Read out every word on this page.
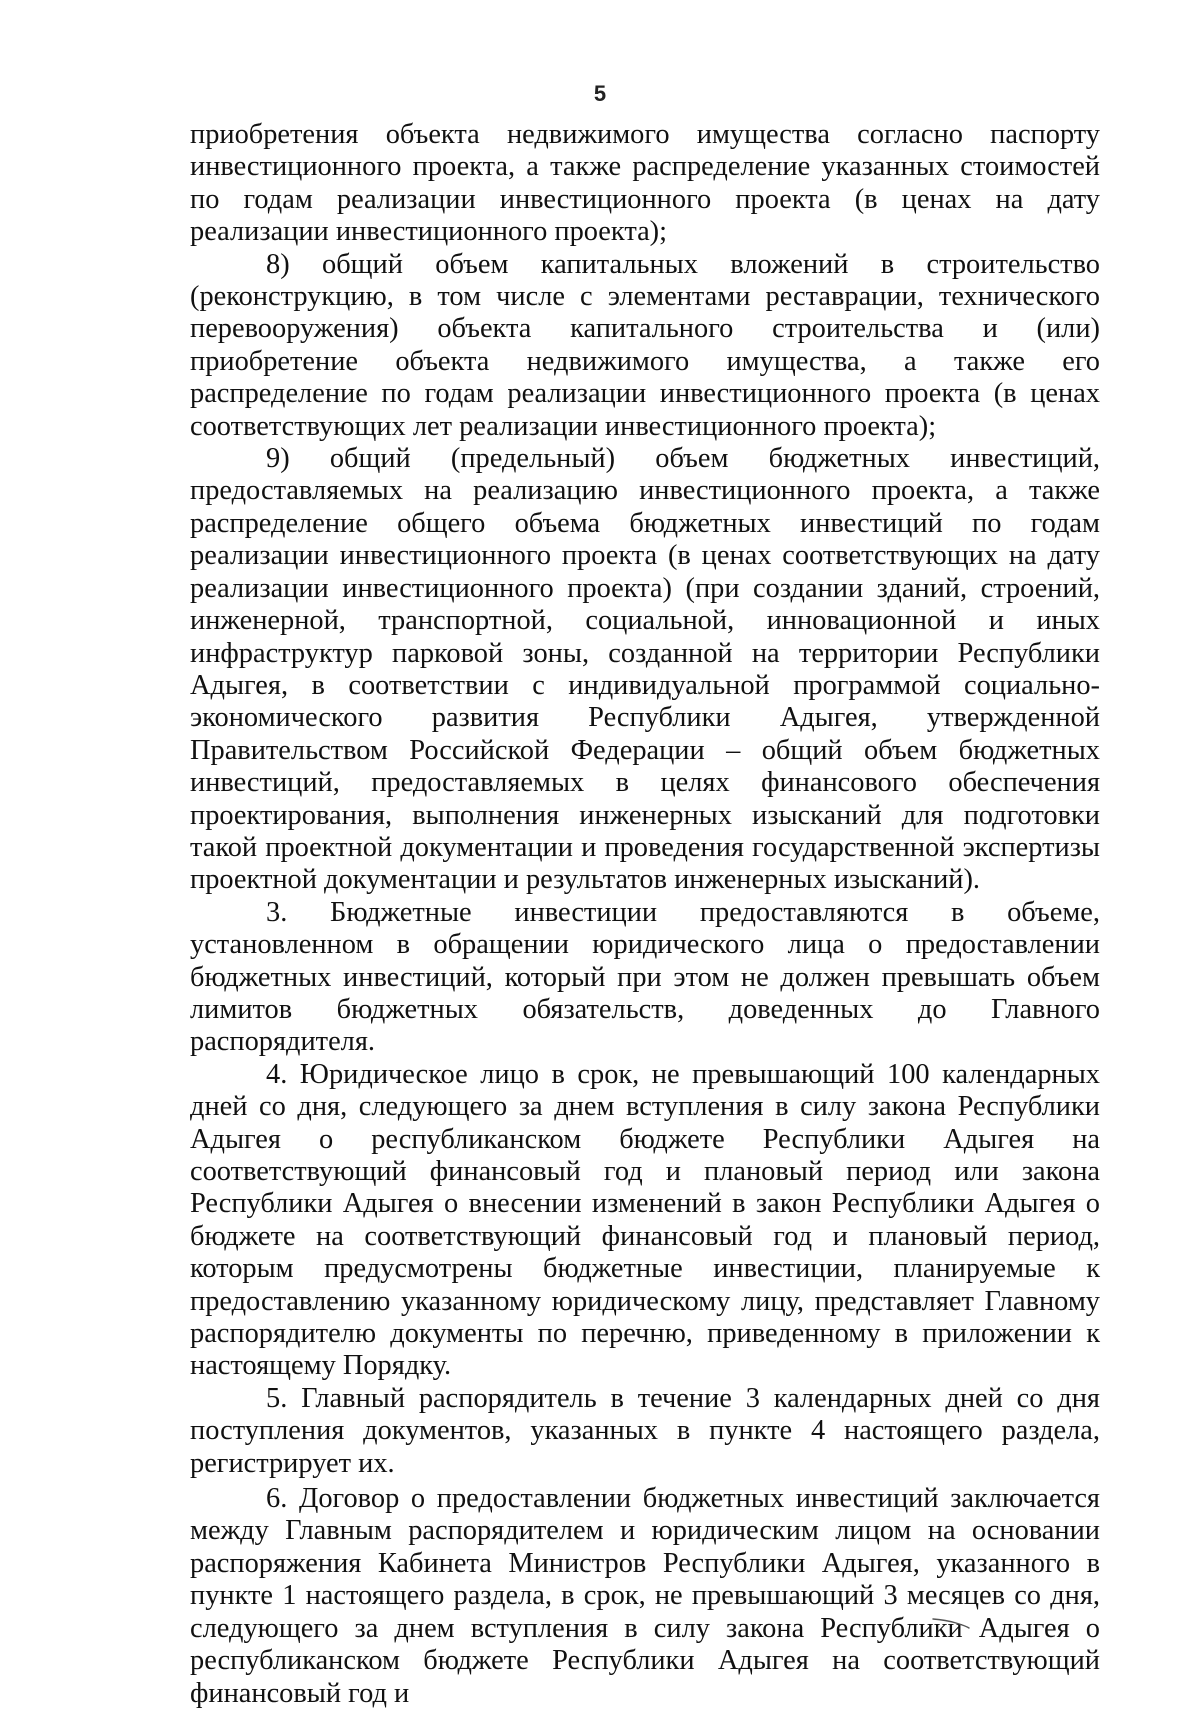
5

приобретения объекта недвижимого имущества согласно паспорту инвестиционного проекта, а также распределение указанных стоимостей по годам реализации инвестиционного проекта (в ценах на дату реализации инвестиционного проекта);

8) общий объем капитальных вложений в строительство (реконструкцию, в том числе с элементами реставрации, технического перевооружения) объекта капитального строительства и (или) приобретение объекта недвижимого имущества, а также его распределение по годам реализации инвестиционного проекта (в ценах соответствующих лет реализации инвестиционного проекта);

9) общий (предельный) объем бюджетных инвестиций, предоставляемых на реализацию инвестиционного проекта, а также распределение общего объема бюджетных инвестиций по годам реализации инвестиционного проекта (в ценах соответствующих на дату реализации инвестиционного проекта) (при создании зданий, строений, инженерной, транспортной, социальной, инновационной и иных инфраструктур парковой зоны, созданной на территории Республики Адыгея, в соответствии с индивидуальной программой социально-экономического развития Республики Адыгея, утвержденной Правительством Российской Федерации – общий объем бюджетных инвестиций, предоставляемых в целях финансового обеспечения проектирования, выполнения инженерных изысканий для подготовки такой проектной документации и проведения государственной экспертизы проектной документации и результатов инженерных изысканий).

3. Бюджетные инвестиции предоставляются в объеме, установленном в обращении юридического лица о предоставлении бюджетных инвестиций, который при этом не должен превышать объем лимитов бюджетных обязательств, доведенных до Главного распорядителя.

4. Юридическое лицо в срок, не превышающий 100 календарных дней со дня, следующего за днем вступления в силу закона Республики Адыгея о республиканском бюджете Республики Адыгея на соответствующий финансовый год и плановый период или закона Республики Адыгея о внесении изменений в закон Республики Адыгея о бюджете на соответствующий финансовый год и плановый период, которым предусмотрены бюджетные инвестиции, планируемые к предоставлению указанному юридическому лицу, представляет Главному распорядителю документы по перечню, приведенному в приложении к настоящему Порядку.

5. Главный распорядитель в течение 3 календарных дней со дня поступления документов, указанных в пункте 4 настоящего раздела, регистрирует их.

6. Договор о предоставлении бюджетных инвестиций заключается между Главным распорядителем и юридическим лицом на основании распоряжения Кабинета Министров Республики Адыгея, указанного в пункте 1 настоящего раздела, в срок, не превышающий 3 месяцев со дня, следующего за днем вступления в силу закона Республики Адыгея о республиканском бюджете Республики Адыгея на соответствующий финансовый год и
